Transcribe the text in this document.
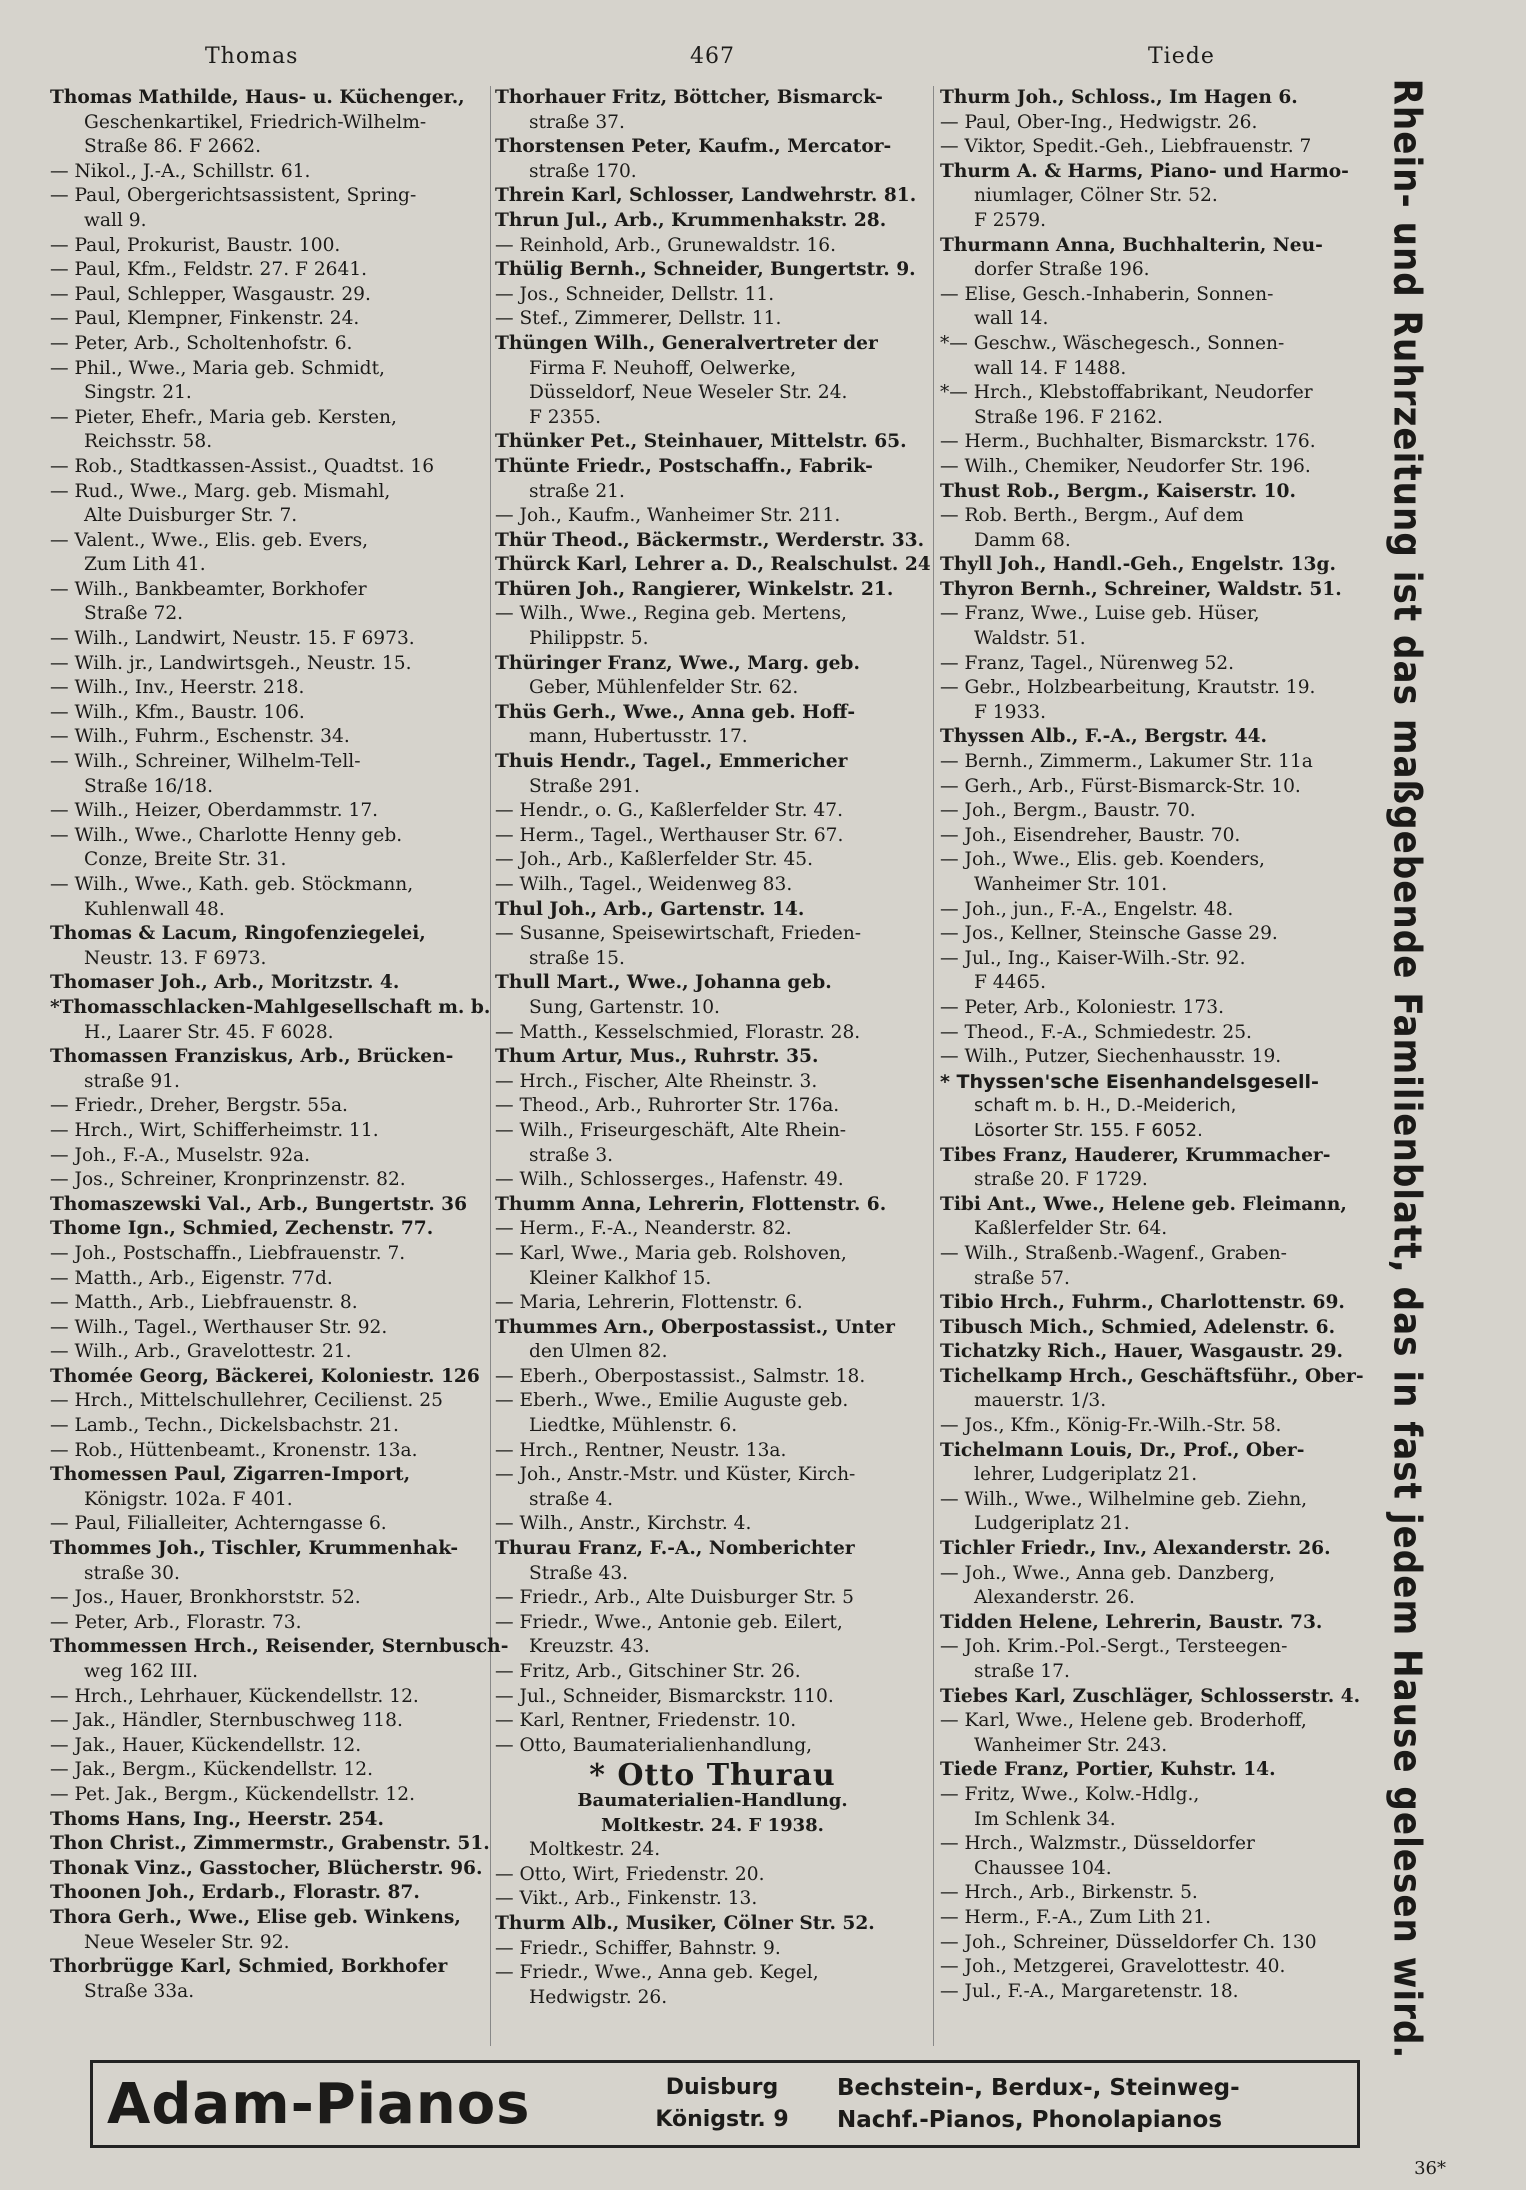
Thomas	467	Tiede
Thomas Mathilde, Haus- u. Küchenger.,
Geschenkartikel, Friedrich-Wilhelm-
Straße 86. F 2662.
— Nikol., J.-A., Schillstr. 61.
— Paul, Obergerichtsassistent, Spring-
wall 9.
— Paul, Prokurist, Baustr. 100.
— Paul, Kfm., Feldstr. 27. F 2641.
— Paul, Schlepper, Wasgaustr. 29.
— Paul, Klempner, Finkenstr. 24.
— Peter, Arb., Scholtenhofstr. 6.
— Phil., Wwe., Maria geb. Schmidt,
Singstr. 21.
— Pieter, Ehefr., Maria geb. Kersten,
Reichsstr. 58.
— Rob., Stadtkassen-Assist., Quadtst. 16
— Rud., Wwe., Marg. geb. Mismahl,
Alte Duisburger Str. 7.
— Valent., Wwe., Elis. geb. Evers,
Zum Lith 41.
— Wilh., Bankbeamter, Borkhofer
Straße 72.
— Wilh., Landwirt, Neustr. 15. F 6973.
— Wilh. jr., Landwirtsgeh., Neustr. 15.
— Wilh., Inv., Heerstr. 218.
— Wilh., Kfm., Baustr. 106.
— Wilh., Fuhrm., Eschenstr. 34.
— Wilh., Schreiner, Wilhelm-Tell-
Straße 16/18.
— Wilh., Heizer, Oberdammstr. 17.
— Wilh., Wwe., Charlotte Henny geb.
Conze, Breite Str. 31.
— Wilh., Wwe., Kath. geb. Stöckmann,
Kuhlenwall 48.
Thomas & Lacum, Ringofenziegelei,
Neustr. 13. F 6973.
Thomaser Joh., Arb., Moritzstr. 4.
*Thomasschlacken-Mahlgesellschaft m. b.
H., Laarer Str. 45. F 6028.
Thomassen Franziskus, Arb., Brücken-
straße 91.
— Friedr., Dreher, Bergstr. 55a.
— Hrch., Wirt, Schifferheimstr. 11.
— Joh., F.-A., Muselstr. 92a.
— Jos., Schreiner, Kronprinzenstr. 82.
Thomaszewski Val., Arb., Bungertstr. 36
Thome Ign., Schmied, Zechenstr. 77.
— Joh., Postschaffn., Liebfrauenstr. 7.
— Matth., Arb., Eigenstr. 77d.
— Matth., Arb., Liebfrauenstr. 8.
— Wilh., Tagel., Werthauser Str. 92.
— Wilh., Arb., Gravelottestr. 21.
Thomée Georg, Bäckerei, Koloniestr. 126
— Hrch., Mittelschullehrer, Cecilienst. 25
— Lamb., Techn., Dickelsbachstr. 21.
— Rob., Hüttenbeamt., Kronenstr. 13a.
Thomessen Paul, Zigarren-Import,
Königstr. 102a. F 401.
— Paul, Filialleiter, Achterngasse 6.
Thommes Joh., Tischler, Krummenhak-
straße 30.
— Jos., Hauer, Bronkhorststr. 52.
— Peter, Arb., Florastr. 73.
Thommessen Hrch., Reisender, Sternbusch-
weg 162 III.
— Hrch., Lehrhauer, Kückendellstr. 12.
— Jak., Händler, Sternbuschweg 118.
— Jak., Hauer, Kückendellstr. 12.
— Jak., Bergm., Kückendellstr. 12.
— Pet. Jak., Bergm., Kückendellstr. 12.
Thoms Hans, Ing., Heerstr. 254.
Thon Christ., Zimmermstr., Grabenstr. 51.
Thonak Vinz., Gasstocher, Blücherstr. 96.
Thoonen Joh., Erdarb., Florastr. 87.
Thora Gerh., Wwe., Elise geb. Winkens,
Neue Weseler Str. 92.
Thorbrügge Karl, Schmied, Borkhofer
Straße 33a.
Thorhauer Fritz, Böttcher, Bismarck-
straße 37.
Thorstensen Peter, Kaufm., Mercator-
straße 170.
Threin Karl, Schlosser, Landwehrstr. 81.
Thrun Jul., Arb., Krummenhakstr. 28.
— Reinhold, Arb., Grunewaldstr. 16.
Thülig Bernh., Schneider, Bungertstr. 9.
— Jos., Schneider, Dellstr. 11.
— Stef., Zimmerer, Dellstr. 11.
Thüngen Wilh., Generalvertreter der
Firma F. Neuhoff, Oelwerke,
Düsseldorf, Neue Weseler Str. 24.
F 2355.
Thünker Pet., Steinhauer, Mittelstr. 65.
Thünte Friedr., Postschaffn., Fabrik-
straße 21.
— Joh., Kaufm., Wanheimer Str. 211.
Thür Theod., Bäckermstr., Werderstr. 33.
Thürck Karl, Lehrer a. D., Realschulst. 24
Thüren Joh., Rangierer, Winkelstr. 21.
— Wilh., Wwe., Regina geb. Mertens,
Philippstr. 5.
Thüringer Franz, Wwe., Marg. geb.
Geber, Mühlenfelder Str. 62.
Thüs Gerh., Wwe., Anna geb. Hoff-
mann, Hubertusstr. 17.
Thuis Hendr., Tagel., Emmericher
Straße 291.
— Hendr., o. G., Kaßlerfelder Str. 47.
— Herm., Tagel., Werthauser Str. 67.
— Joh., Arb., Kaßlerfelder Str. 45.
— Wilh., Tagel., Weidenweg 83.
Thul Joh., Arb., Gartenstr. 14.
— Susanne, Speisewirtschaft, Frieden-
straße 15.
Thull Mart., Wwe., Johanna geb.
Sung, Gartenstr. 10.
— Matth., Kesselschmied, Florastr. 28.
Thum Artur, Mus., Ruhrstr. 35.
— Hrch., Fischer, Alte Rheinstr. 3.
— Theod., Arb., Ruhrorter Str. 176a.
— Wilh., Friseurgeschäft, Alte Rhein-
straße 3.
— Wilh., Schlosserges., Hafenstr. 49.
Thumm Anna, Lehrerin, Flottenstr. 6.
— Herm., F.-A., Neanderstr. 82.
— Karl, Wwe., Maria geb. Rolshoven,
Kleiner Kalkhof 15.
— Maria, Lehrerin, Flottenstr. 6.
Thummes Arn., Oberpostassist., Unter
den Ulmen 82.
— Eberh., Oberpostassist., Salmstr. 18.
— Eberh., Wwe., Emilie Auguste geb.
Liedtke, Mühlenstr. 6.
— Hrch., Rentner, Neustr. 13a.
— Joh., Anstr.-Mstr. und Küster, Kirch-
straße 4.
— Wilh., Anstr., Kirchstr. 4.
Thurau Franz, F.-A., Nomberichter
Straße 43.
— Friedr., Arb., Alte Duisburger Str. 5
— Friedr., Wwe., Antonie geb. Eilert,
Kreuzstr. 43.
— Fritz, Arb., Gitschiner Str. 26.
— Jul., Schneider, Bismarckstr. 110.
— Karl, Rentner, Friedenstr. 10.
— Otto, Baumaterialienhandlung,
* Otto Thurau
Baumaterialien-Handlung.
Moltkestr. 24. F 1938.
Moltkestr. 24.
— Otto, Wirt, Friedenstr. 20.
— Vikt., Arb., Finkenstr. 13.
Thurm Alb., Musiker, Cölner Str. 52.
— Friedr., Schiffer, Bahnstr. 9.
— Friedr., Wwe., Anna geb. Kegel,
Hedwigstr. 26.
Thurm Joh., Schloss., Im Hagen 6.
— Paul, Ober-Ing., Hedwigstr. 26.
— Viktor, Spedit.-Geh., Liebfrauenstr. 7
Thurm A. & Harms, Piano- und Harmo-
niumlager, Cölner Str. 52.
F 2579.
Thurmann Anna, Buchhalterin, Neu-
dorfer Straße 196.
— Elise, Gesch.-Inhaberin, Sonnen-
wall 14.
*— Geschw., Wäschegesch., Sonnen-
wall 14. F 1488.
*— Hrch., Klebstoffabrikant, Neudorfer
Straße 196. F 2162.
— Herm., Buchhalter, Bismarckstr. 176.
— Wilh., Chemiker, Neudorfer Str. 196.
Thust Rob., Bergm., Kaiserstr. 10.
— Rob. Berth., Bergm., Auf dem
Damm 68.
Thyll Joh., Handl.-Geh., Engelstr. 13g.
Thyron Bernh., Schreiner, Waldstr. 51.
— Franz, Wwe., Luise geb. Hüser,
Waldstr. 51.
— Franz, Tagel., Nürenweg 52.
— Gebr., Holzbearbeitung, Krautstr. 19.
F 1933.
Thyssen Alb., F.-A., Bergstr. 44.
— Bernh., Zimmerm., Lakumer Str. 11a
— Gerh., Arb., Fürst-Bismarck-Str. 10.
— Joh., Bergm., Baustr. 70.
— Joh., Eisendreher, Baustr. 70.
— Joh., Wwe., Elis. geb. Koenders,
Wanheimer Str. 101.
— Joh., jun., F.-A., Engelstr. 48.
— Jos., Kellner, Steinsche Gasse 29.
— Jul., Ing., Kaiser-Wilh.-Str. 92.
F 4465.
— Peter, Arb., Koloniestr. 173.
— Theod., F.-A., Schmiedestr. 25.
— Wilh., Putzer, Siechenhausstr. 19.
* Thyssen'sche Eisenhandelsgesell-
schaft m. b. H., D.-Meiderich,
Lösorter Str. 155. F 6052.
Tibes Franz, Hauderer, Krummacher-
straße 20. F 1729.
Tibi Ant., Wwe., Helene geb. Fleimann,
Kaßlerfelder Str. 64.
— Wilh., Straßenb.-Wagenf., Graben-
straße 57.
Tibio Hrch., Fuhrm., Charlottenstr. 69.
Tibusch Mich., Schmied, Adelenstr. 6.
Tichatzky Rich., Hauer, Wasgaustr. 29.
Tichelkamp Hrch., Geschäftsführ., Ober-
mauerstr. 1/3.
— Jos., Kfm., König-Fr.-Wilh.-Str. 58.
Tichelmann Louis, Dr., Prof., Ober-
lehrer, Ludgeriplatz 21.
— Wilh., Wwe., Wilhelmine geb. Ziehn,
Ludgeriplatz 21.
Tichler Friedr., Inv., Alexanderstr. 26.
— Joh., Wwe., Anna geb. Danzberg,
Alexanderstr. 26.
Tidden Helene, Lehrerin, Baustr. 73.
— Joh. Krim.-Pol.-Sergt., Tersteegen-
straße 17.
Tiebes Karl, Zuschläger, Schlosserstr. 4.
— Karl, Wwe., Helene geb. Broderhoff,
Wanheimer Str. 243.
Tiede Franz, Portier, Kuhstr. 14.
— Fritz, Wwe., Kolw.-Hdlg.,
Im Schlenk 34.
— Hrch., Walzmstr., Düsseldorfer
Chaussee 104.
— Hrch., Arb., Birkenstr. 5.
— Herm., F.-A., Zum Lith 21.
— Joh., Schreiner, Düsseldorfer Ch. 130
— Joh., Metzgerei, Gravelottestr. 40.
— Jul., F.-A., Margaretenstr. 18.	Rhein- und Ruhrzeitung ist das maßgebende Familienblatt, das in fast jedem Hause gelesen wird.
Adam-Pianos	Duisburg
Königstr. 9
Bechstein-, Berdux-, Steinweg-
Nachf.-Pianos, Phonolapianos
36*
